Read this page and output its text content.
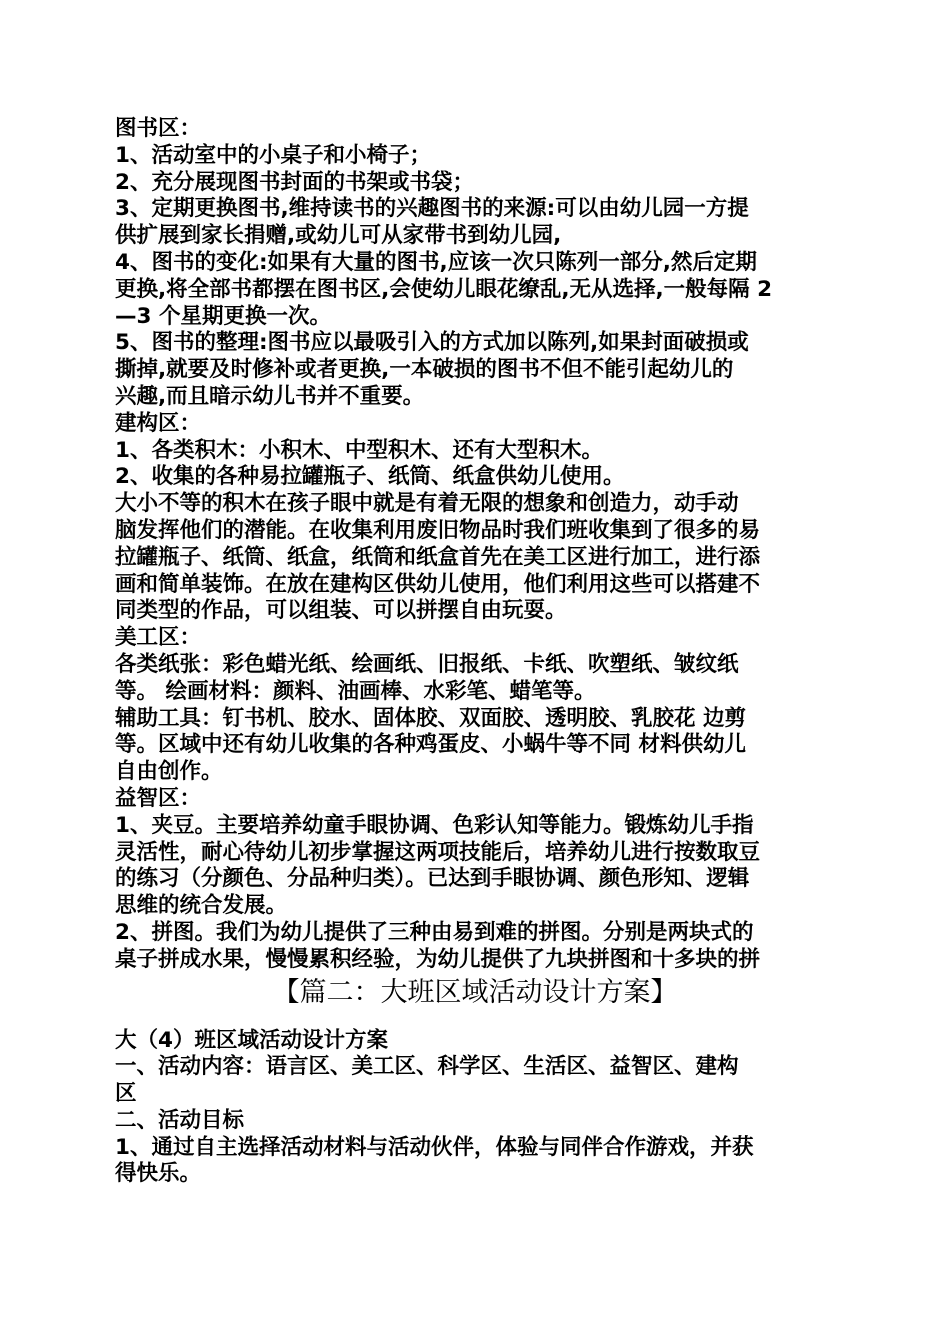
图书区：
1、活动室中的小桌子和小椅子；
2、充分展现图书封面的书架或书袋；
3、定期更换图书,维持读书的兴趣图书的来源:可以由幼儿园一方提
供扩展到家长捐赠,或幼儿可从家带书到幼儿园,
4、图书的变化:如果有大量的图书,应该一次只陈列一部分,然后定期
更换,将全部书都摆在图书区,会使幼儿眼花缭乱,无从选择,一般每隔 2
—3 个星期更换一次。
5、图书的整理:图书应以最吸引入的方式加以陈列,如果封面破损或
撕掉,就要及时修补或者更换,一本破损的图书不但不能引起幼儿的
兴趣,而且暗示幼儿书并不重要。
建构区：
1、各类积木：小积木、中型积木、还有大型积木。
2、收集的各种易拉罐瓶子、纸筒、纸盒供幼儿使用。
大小不等的积木在孩子眼中就是有着无限的想象和创造力，动手动
脑发挥他们的潜能。在收集利用废旧物品时我们班收集到了很多的易
拉罐瓶子、纸筒、纸盒，纸筒和纸盒首先在美工区进行加工，进行添
画和简单装饰。在放在建构区供幼儿使用，他们利用这些可以搭建不
同类型的作品，可以组装、可以拼摆自由玩耍。
美工区：
各类纸张：彩色蜡光纸、绘画纸、旧报纸、卡纸、吹塑纸、皱纹纸
等。 绘画材料：颜料、油画棒、水彩笔、蜡笔等。
辅助工具：钉书机、胶水、固体胶、双面胶、透明胶、乳胶花 边剪
等。区域中还有幼儿收集的各种鸡蛋皮、小蜗牛等不同 材料供幼儿
自由创作。
益智区：
1、夹豆。主要培养幼童手眼协调、色彩认知等能力。锻炼幼儿手指
灵活性，耐心待幼儿初步掌握这两项技能后，培养幼儿进行按数取豆
的练习（分颜色、分品种归类）。已达到手眼协调、颜色形知、逻辑
思维的统合发展。
2、拼图。我们为幼儿提供了三种由易到难的拼图。分别是两块式的
桌子拼成水果，慢慢累积经验，为幼儿提供了九块拼图和十多块的拼
【篇二：大班区域活动设计方案】
大（4）班区域活动设计方案
一、活动内容：语言区、美工区、科学区、生活区、益智区、建构
区
二、活动目标
1、通过自主选择活动材料与活动伙伴，体验与同伴合作游戏，并获
得快乐。
